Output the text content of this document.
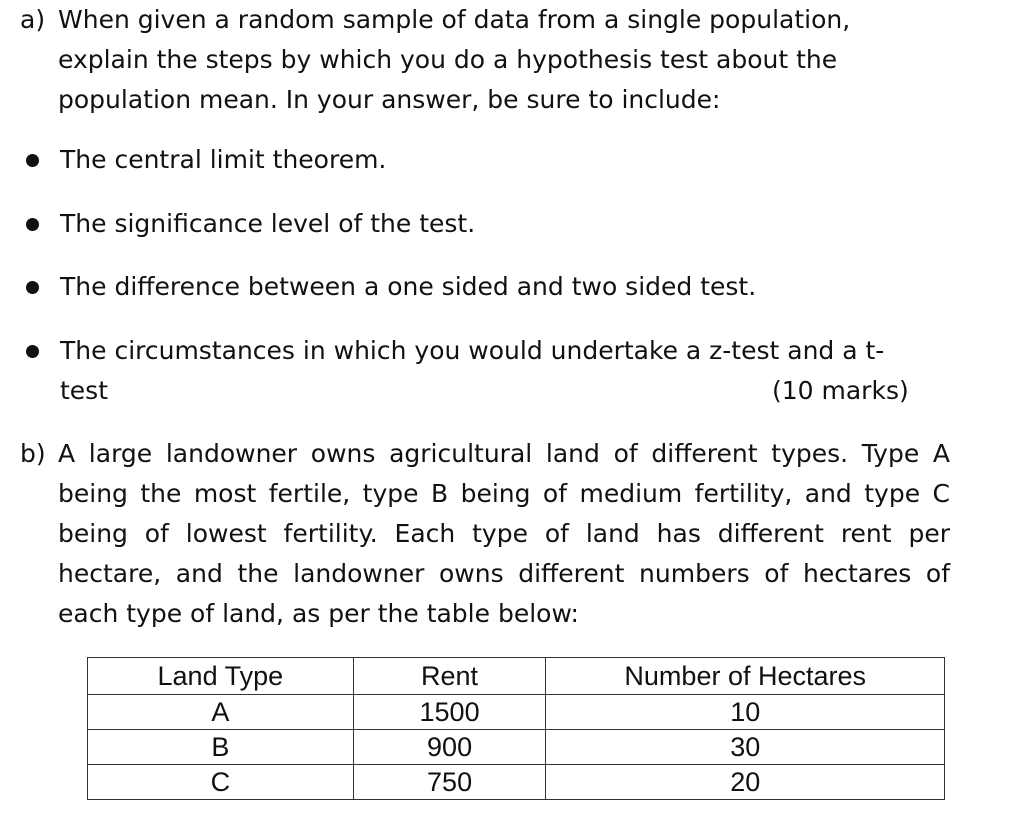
a) When given a random sample of data from a single population, explain the steps by which you do a hypothesis test about the population mean. In your answer, be sure to include:
The central limit theorem.
The significance level of the test.
The difference between a one sided and two sided test.
The circumstances in which you would undertake a z-test and a t-
test	(10 marks)
b) A large landowner owns agricultural land of different types. Type A being the most fertile, type B being of medium fertility, and type C being of lowest fertility. Each type of land has different rent per hectare, and the landowner owns different numbers of hectares of each type of land, as per the table below:
Land Type	Rent	Number of Hectares
A	1500	10
B	900	30
C	750	20
